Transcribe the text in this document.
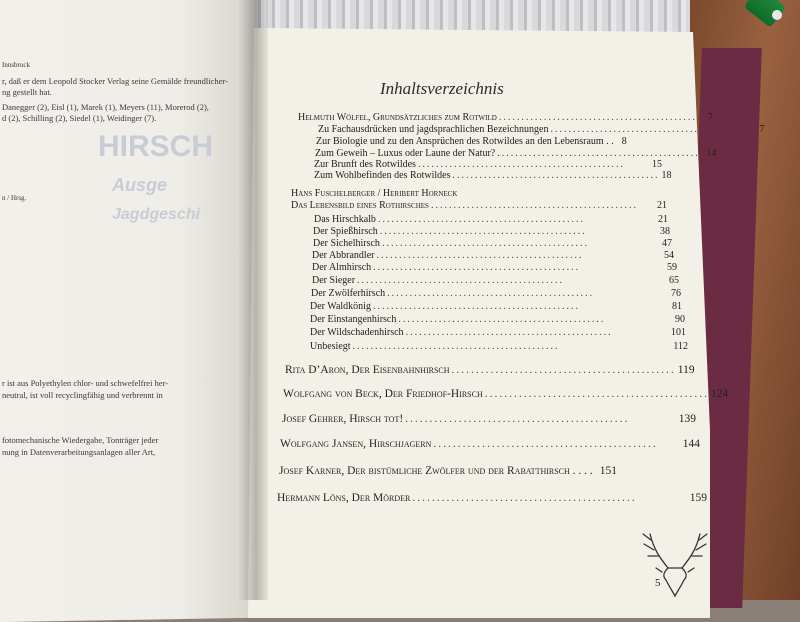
Innsbruck
r, daß er dem Leopold Stocker Verlag seine Gemälde freundlicher-
ng gestellt hat.
Danegger (2), Eisl (1), Marek (1), Meyers (11), Morerod (2),
d (2), Schilling (2), Siedel (1), Weidinger (7).
HIRSCH
Ausge
Jagdgeschi
n / Hrsg.
r ist aus Polyethylen chlor- und schwefelfrei her-
neutral, ist voll recyclingfähig und verbrennt in
fotomechanische Wiedergabe, Tonträger jeder
nung in Datenverarbeitungsanlagen aller Art,
Inhaltsverzeichnis
Helmuth Wölfel, Grundsätzliches zum Rotwild .............................................. 7
Zu Fachausdrücken und jagdsprachlichen Bezeichnungen .............................................. 7
Zur Biologie und zu den Ansprüchen des Rotwildes an den Lebensraum . . 8
Zum Geweih – Luxus oder Laune der Natur? .............................................. 14
Zur Brunft des Rotwildes ..............................................	15
Zum Wohlbefinden des Rotwildes .............................................. 18
Hans Fuschelberger / Heribert Horneck
Das Lebensbild eines Rothirsches ..............................................	21
Das Hirschkalb ..............................................	21
Der Spießhirsch ..............................................	38
Der Sichelhirsch ..............................................	47
Der Abbrandler ..............................................	54
Der Almhirsch ..............................................	59
Der Sieger ..............................................	65
Der Zwölferhirsch ..............................................	76
Der Waldkönig ..............................................	81
Der Einstangenhirsch ..............................................	90
Der Wildschadenhirsch ..............................................	101
Unbesiegt ..............................................	112
Rita D’Aron, Der Eisenbahnhirsch .............................................. 119
Wolfgang von Beck, Der Friedhof-Hirsch .............................................. 124
Josef Gehrer, Hirsch tot! ..............................................	139
Wolfgang Jansen, Hirschjagern ..............................................	144
Josef Karner, Der bistümliche Zwölfer und der Rabatthirsch . . . . 151
Hermann Löns, Der Mörder ..............................................	159
5
